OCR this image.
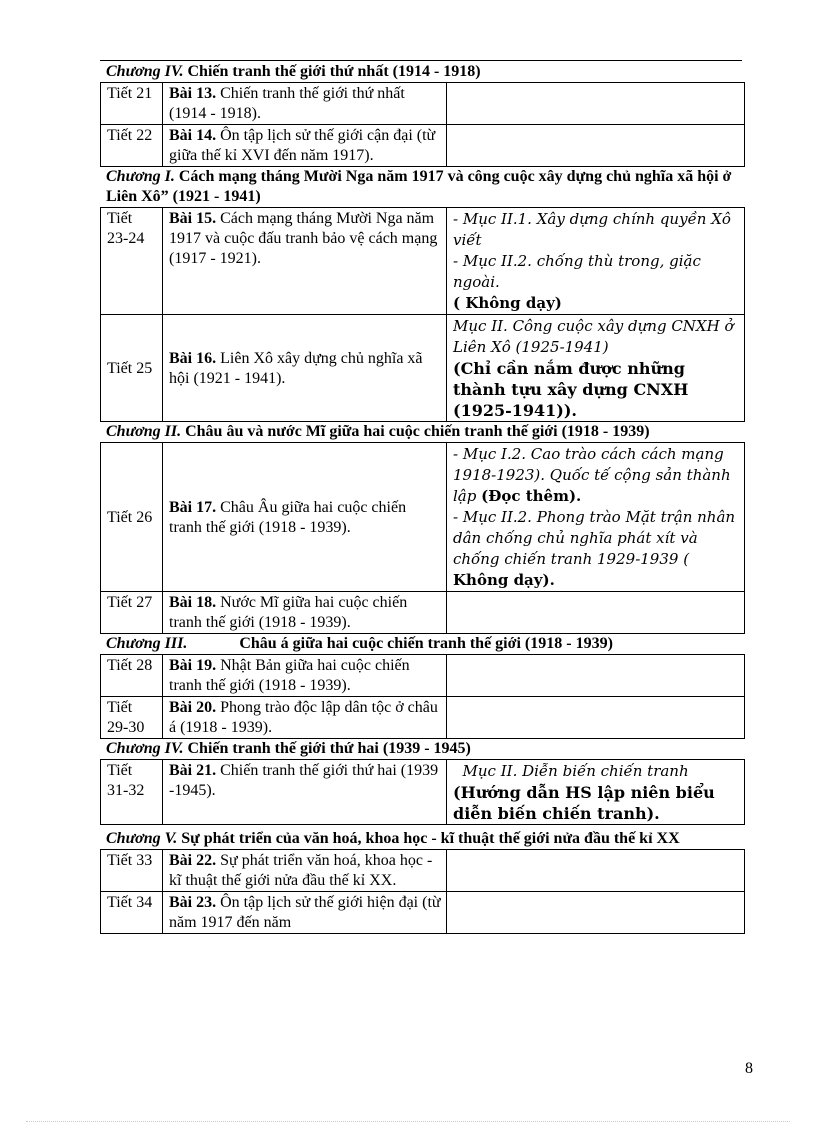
Chương IV. Chiến tranh thế giới thứ nhất (1914 - 1918)
Tiết 21	Bài 13. Chiến tranh thế giới thứ nhất (1914 - 1918).	
Tiết 22	Bài 14. Ôn tập lịch sử thế giới cận đại (từ giữa thế kỉ XVI đến năm 1917).	
Chương I. Cách mạng tháng Mười Nga năm 1917 và công cuộc xây dựng chủ nghĩa xã hội ở Liên Xô” (1921 - 1941)
Tiết 23-24	Bài 15. Cách mạng tháng Mười Nga năm 1917 và cuộc đấu tranh bảo vệ cách mạng (1917 - 1921).	- Mục II.1. Xây dựng chính quyền Xô viết
- Mục II.2. chống thù trong, giặc ngoài.
( Không dạy)

Tiết 25	Bài 16. Liên Xô xây dựng chủ nghĩa xã hội (1921 - 1941).	Mục II. Công cuộc xây dựng CNXH ở Liên Xô (1925-1941)
(Chỉ cần nắm được những thành tựu xây dựng CNXH (1925-1941)).
Chương II. Châu âu và nước Mĩ giữa hai cuộc chiến tranh thế giới (1918 - 1939)
Tiết 26	Bài 17. Châu Âu giữa hai cuộc chiến tranh thế giới (1918 - 1939).	- Mục I.2. Cao trào cách cách mạng 1918-1923). Quốc tế cộng sản thành lập (Đọc thêm).
- Mục II.2. Phong trào Mặt trận nhân dân chống chủ nghĩa phát xít và chống chiến tranh 1929-1939 ( Không dạy).

Tiết 27	Bài 18. Nước Mĩ giữa hai cuộc chiến tranh thế giới (1918 - 1939).	
Chương III.	Châu á giữa hai cuộc chiến tranh thế giới (1918 - 1939)
Tiết 28	Bài 19. Nhật Bản giữa hai cuộc chiến tranh thế giới (1918 - 1939).	
Tiết 29-30	Bài 20. Phong trào độc lập dân tộc ở châu á (1918 - 1939).	
Chương IV. Chiến tranh thế giới thứ hai (1939 - 1945)
Tiết 31-32	Bài 21. Chiến tranh thế giới thứ hai (1939 -1945).	
Mục II. Diễn biến chiến tranh
(Hướng dẫn HS lập niên biểu diễn biến chiến tranh).
Chương V. Sự phát triển của văn hoá, khoa học - kĩ thuật thế giới nửa đầu thế kỉ XX
Tiết 33	Bài 22. Sự phát triển văn hoá, khoa học - kĩ thuật thế giới nửa đầu thế kỉ XX.	
Tiết 34	Bài 23. Ôn tập lịch sử thế giới hiện đại (từ năm 1917 đến năm	
8
